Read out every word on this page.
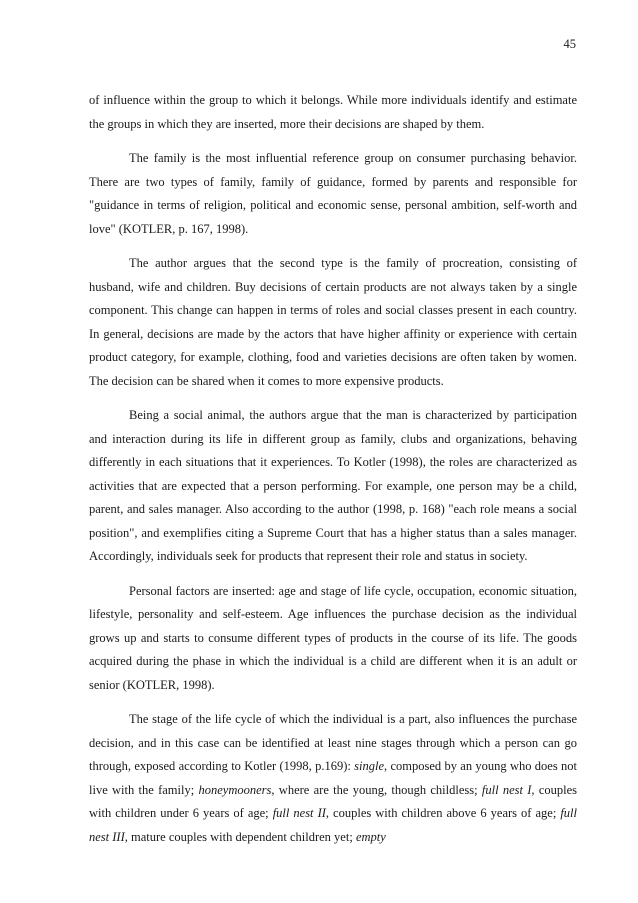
45

of influence within the group to which it belongs. While more individuals identify and estimate the groups in which they are inserted, more their decisions are shaped by them.

The family is the most influential reference group on consumer purchasing behavior. There are two types of family, family of guidance, formed by parents and responsible for "guidance in terms of religion, political and economic sense, personal ambition, self-worth and love" (KOTLER, p. 167, 1998).

The author argues that the second type is the family of procreation, consisting of husband, wife and children. Buy decisions of certain products are not always taken by a single component. This change can happen in terms of roles and social classes present in each country. In general, decisions are made by the actors that have higher affinity or experience with certain product category, for example, clothing, food and varieties decisions are often taken by women. The decision can be shared when it comes to more expensive products.

Being a social animal, the authors argue that the man is characterized by participation and interaction during its life in different group as family, clubs and organizations, behaving differently in each situations that it experiences. To Kotler (1998), the roles are characterized as activities that are expected that a person performing. For example, one person may be a child, parent, and sales manager. Also according to the author (1998, p. 168) "each role means a social position", and exemplifies citing a Supreme Court that has a higher status than a sales manager. Accordingly, individuals seek for products that represent their role and status in society.

Personal factors are inserted: age and stage of life cycle, occupation, economic situation, lifestyle, personality and self-esteem. Age influences the purchase decision as the individual grows up and starts to consume different types of products in the course of its life. The goods acquired during the phase in which the individual is a child are different when it is an adult or senior (KOTLER, 1998).

The stage of the life cycle of which the individual is a part, also influences the purchase decision, and in this case can be identified at least nine stages through which a person can go through, exposed according to Kotler (1998, p.169): single, composed by an young who does not live with the family; honeymooners, where are the young, though childless; full nest I, couples with children under 6 years of age; full nest II, couples with children above 6 years of age; full nest III, mature couples with dependent children yet; empty
